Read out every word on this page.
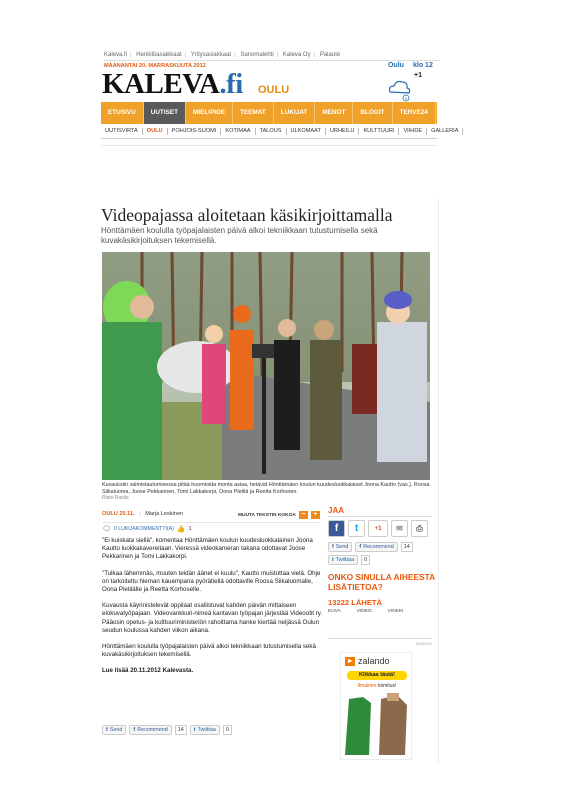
Kaleva.fi | Henkilöasiakkaat | Yritysasiakkaat | Sanomalehti | Kaleva Oy | Palaute
MAANANTAI 20. MARRASKUUTA 2012
KALEVA.fi OULU
Oulu klo 12
+1
3
ETUSIVU	UUTISET	MIELIPIDE	TEEMAT	LUKIJAT	MENOT	BLOGIT	TERVE24
UUTISVIRTA	OULU	POHJOIS-SUOMI	KOTIMAA	TALOUS	ULKOMAAT	URHEILU	KULTTUURI	VIIHDE	GALLERIA
Videopajassa aloitetaan käsikirjoittamalla
Hönttämäen koululla työpajalaisten päivä alkoi tekniikkaan tutustumisella sekä kuvakäsikirjoituksen tekemisellä.
Kuvauksiin valmistautumisessa pitää huomioida monta asiaa, tietävät Hönttämäen koulun kuudesluokkalaiset Joona Kautto (vas.), Roosa Siikaluoma, Joose Pekkarinen, Tomi Lakkakorpi, Oona Pietilä ja Reetta Korhonen.
Risto Rasila
OULU 20.11. | Marja Leskinen	MUUTA TEKSTIN KOKOA −	+
🗨 0 LUKIJAKOMMENTTI(A) 👍 1

"Ei kuiskata siellä", komentaa Hönttämäen koulun kuudesluokkalainen Joona Kautto luokkakavereitaan. Vieressä videokameran takana odottavat Joose Pekkarinen ja Tomi Lakkakorpi.

"Tulkaa lähemmäs, muuten teidän äänet ei kuulu", Kautto muistuttaa vielä. Ohje on tarkoitettu hieman kauempana pyörätiellä odottaville Roosa Siikaluomalle, Oona Pietilälle ja Reetta Korhoselle.

Kuvausta käynnistelevät oppilaat osallistuvat kahden päivän mittaiseen elokuvatyöpajaan. Videovankkuri-nimeä kantavan työpajan järjestää Videootit ry. Pääosin opetus- ja kulttuuriministeriön rahoittama hanke kiertää neljässä Oulun seudun koulussa kahden viikon aikana.

Hönttämäen koululla työpajalaisten päivä alkoi tekniikkaan tutustumisella sekä kuvakäsikirjoituksen tekemisellä.

Lue lisää 20.11.2012 Kalevasta.

f Send f Recommend	14	t Twiittaa	0
JAA
f	t	+1	✉	⎙
f Send f Recommend	14
t Twiittaa	0
ONKO SINULLA AIHEESTA LISÄTIETOA?
13222 LÄHETÄ
KUVA	VIDEO	VINKKI
MAINOS
zalando
Klikkaa tästä!
Ilmainen toimitus!
